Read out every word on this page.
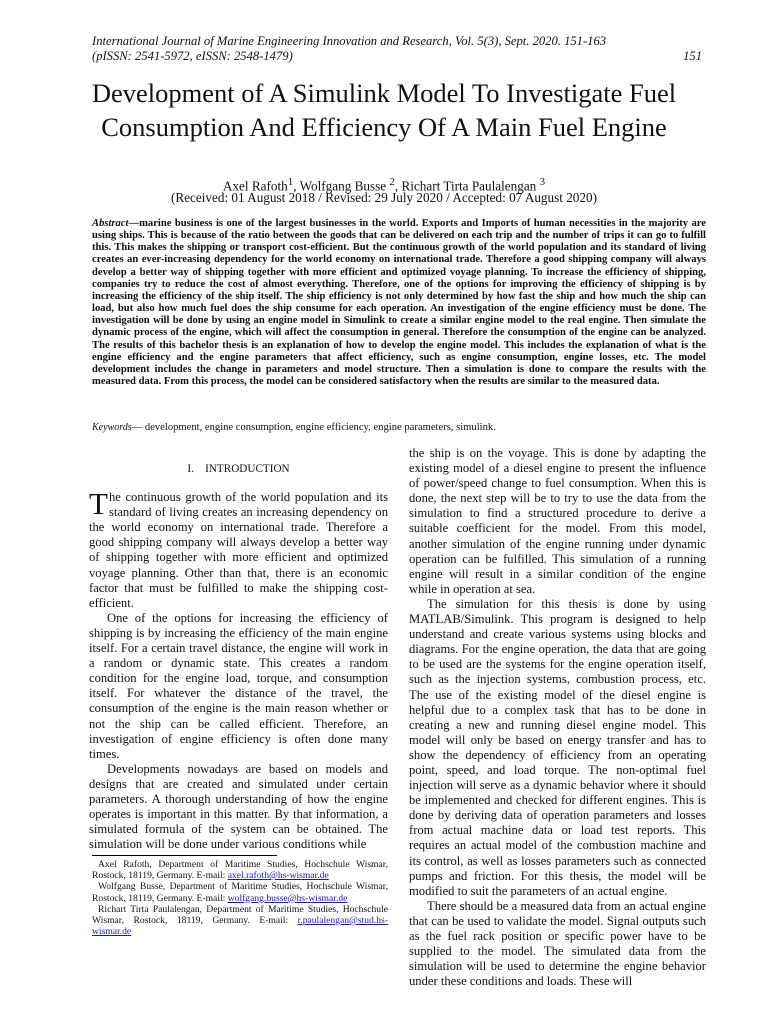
International Journal of Marine Engineering Innovation and Research, Vol. 5(3), Sept. 2020. 151-163
(pISSN: 2541-5972, eISSN: 2548-1479)	151
Development of A Simulink Model To Investigate Fuel Consumption And Efficiency Of A Main Fuel Engine
Axel Rafoth$^1$, Wolfgang Busse $^2$, Richart Tirta Paulalengan $^3$
(Received: 01 August 2018 / Revised: 29 July 2020 / Accepted: 07 August 2020)
Abstract—marine business is one of the largest businesses in the world. Exports and Imports of human necessities in the majority are using ships. This is because of the ratio between the goods that can be delivered on each trip and the number of trips it can go to fulfill this. This makes the shipping or transport cost-efficient. But the continuous growth of the world population and its standard of living creates an ever-increasing dependency for the world economy on international trade. Therefore a good shipping company will always develop a better way of shipping together with more efficient and optimized voyage planning. To increase the efficiency of shipping, companies try to reduce the cost of almost everything. Therefore, one of the options for improving the efficiency of shipping is by increasing the efficiency of the ship itself. The ship efficiency is not only determined by how fast the ship and how much the ship can load, but also how much fuel does the ship consume for each operation. An investigation of the engine efficiency must be done. The investigation will be done by using an engine model in Simulink to create a similar engine model to the real engine. Then simulate the dynamic process of the engine, which will affect the consumption in general. Therefore the consumption of the engine can be analyzed. The results of this bachelor thesis is an explanation of how to develop the engine model. This includes the explanation of what is the engine efficiency and the engine parameters that affect efficiency, such as engine consumption, engine losses, etc. The model development includes the change in parameters and model structure. Then a simulation is done to compare the results with the measured data. From this process, the model can be considered satisfactory when the results are similar to the measured data.
Keywords— development, engine consumption, engine efficiency, engine parameters, simulink.
I. INTRODUCTION

The continuous growth of the world population and its standard of living creates an increasing dependency on the world economy on international trade. Therefore a good shipping company will always develop a better way of shipping together with more efficient and optimized voyage planning. Other than that, there is an economic factor that must be fulfilled to make the shipping cost-efficient.

One of the options for increasing the efficiency of shipping is by increasing the efficiency of the main engine itself. For a certain travel distance, the engine will work in a random or dynamic state. This creates a random condition for the engine load, torque, and consumption itself. For whatever the distance of the travel, the consumption of the engine is the main reason whether or not the ship can be called efficient. Therefore, an investigation of engine efficiency is often done many times.

Developments nowadays are based on models and designs that are created and simulated under certain parameters. A thorough understanding of how the engine operates is important in this matter. By that information, a simulated formula of the system can be obtained. The simulation will be done under various conditions while

Axel Rafoth, Department of Maritime Studies, Hochschule Wismar, Rostock, 18119, Germany. E-mail: axel.rafoth@hs-wismar.de

Wolfgang Busse, Department of Maritime Studies, Hochschule Wismar, Rostock, 18119, Germany. E-mail: wolfgang.busse@hs-wismar.de

Richart Tirta Paulalengan, Department of Maritime Studies, Hochschule Wismar, Rostock, 18119, Germany. E-mail: r.paulalengan@stud.hs-wismar.de

the ship is on the voyage. This is done by adapting the existing model of a diesel engine to present the influence of power/speed change to fuel consumption. When this is done, the next step will be to try to use the data from the simulation to find a structured procedure to derive a suitable coefficient for the model. From this model, another simulation of the engine running under dynamic operation can be fulfilled. This simulation of a running engine will result in a similar condition of the engine while in operation at sea.

The simulation for this thesis is done by using MATLAB/Simulink. This program is designed to help understand and create various systems using blocks and diagrams. For the engine operation, the data that are going to be used are the systems for the engine operation itself, such as the injection systems, combustion process, etc. The use of the existing model of the diesel engine is helpful due to a complex task that has to be done in creating a new and running diesel engine model. This model will only be based on energy transfer and has to show the dependency of efficiency from an operating point, speed, and load torque. The non-optimal fuel injection will serve as a dynamic behavior where it should be implemented and checked for different engines. This is done by deriving data of operation parameters and losses from actual machine data or load test reports. This requires an actual model of the combustion machine and its control, as well as losses parameters such as connected pumps and friction. For this thesis, the model will be modified to suit the parameters of an actual engine.

There should be a measured data from an actual engine that can be used to validate the model. Signal outputs such as the fuel rack position or specific power have to be supplied to the model. The simulated data from the simulation will be used to determine the engine behavior under these conditions and loads. These will
